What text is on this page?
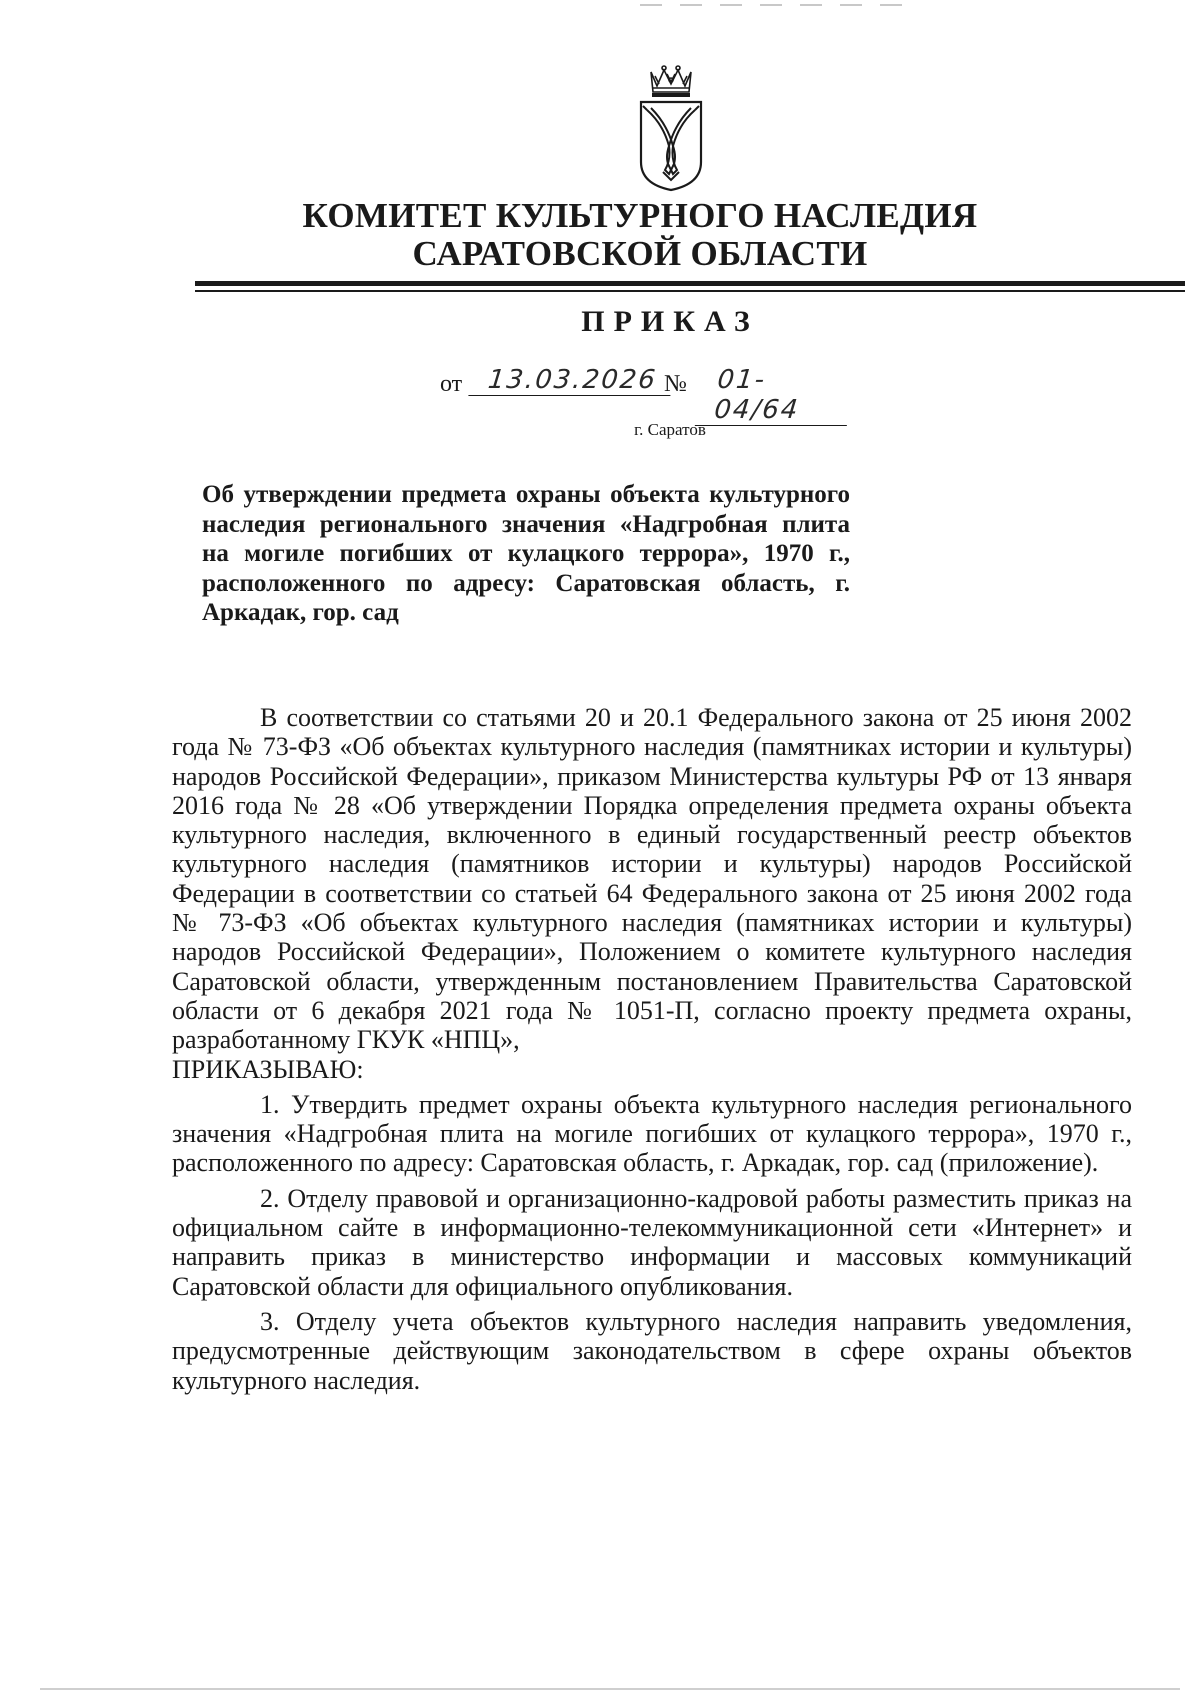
КОМИТЕТ КУЛЬТУРНОГО НАСЛЕДИЯ
САРАТОВСКОЙ ОБЛАСТИ
ПРИКАЗ
от 13.03.2026 №	01-04/64
г. Саратов
Об утверждении предмета охраны объекта культурного наследия регионального значения «Надгробная плита на могиле погибших от кулацкого террора», 1970 г., расположенного по адресу: Саратовская область, г. Аркадак, гор. сад

В соответствии со статьями 20 и 20.1 Федерального закона от 25 июня 2002 года № 73-ФЗ «Об объектах культурного наследия (памятниках истории и культуры) народов Российской Федерации», приказом Министерства культуры РФ от 13 января 2016 года № 28 «Об утверждении Порядка определения предмета охраны объекта культурного наследия, включенного в единый государственный реестр объектов культурного наследия (памятников истории и культуры) народов Российской Федерации в соответствии со статьей 64 Федерального закона от 25 июня 2002 года № 73-ФЗ «Об объектах культурного наследия (памятниках истории и культуры) народов Российской Федерации», Положением о комитете культурного наследия Саратовской области, утвержденным постановлением Правительства Саратовской области от 6 декабря 2021 года № 1051-П, согласно проекту предмета охраны, разработанному ГКУК «НПЦ»,

ПРИКАЗЫВАЮ:

1. Утвердить предмет охраны объекта культурного наследия регионального значения «Надгробная плита на могиле погибших от кулацкого террора», 1970 г., расположенного по адресу: Саратовская область, г. Аркадак, гор. сад (приложение).

2. Отделу правовой и организационно-кадровой работы разместить приказ на официальном сайте в информационно-телекоммуникационной сети «Интернет» и направить приказ в министерство информации и массовых коммуникаций Саратовской области для официального опубликования.

3. Отделу учета объектов культурного наследия направить уведомления, предусмотренные действующим законодательством в сфере охраны объектов культурного наследия.
